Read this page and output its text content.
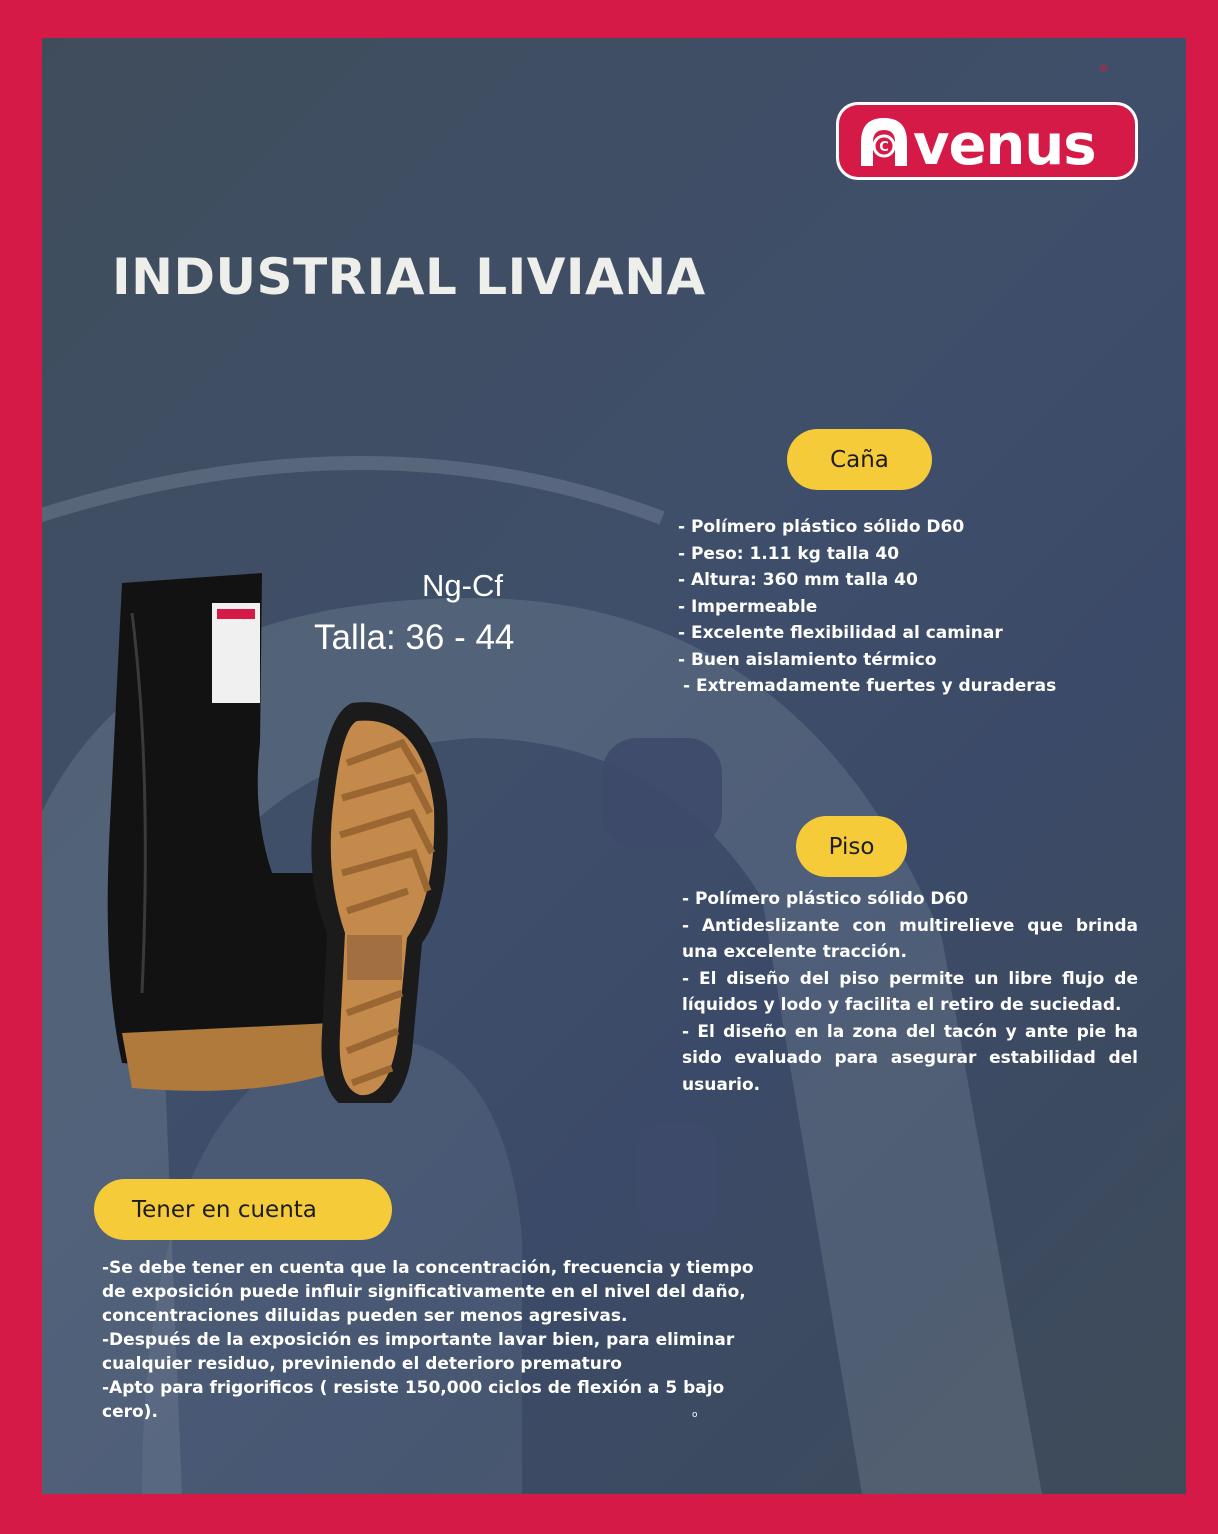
Ng-Cf
Talla: 36 - 44
C venus
INDUSTRIAL LIVIANA
Caña
- Polímero plástico sólido D60
- Peso: 1.11 kg talla 40
- Altura: 360 mm talla 40
- Impermeable
- Excelente flexibilidad al caminar
- Buen aislamiento térmico
- Extremadamente fuertes y duraderas
Piso

- Polímero plástico sólido D60

- Antideslizante con multirelieve que brinda una excelente tracción.

- El diseño del piso permite un libre flujo de líquidos y lodo y facilita el retiro de suciedad.

- El diseño en la zona del tacón y ante pie ha sido evaluado para asegurar estabilidad del usuario.

Tener en cuenta

-Se debe tener en cuenta que la concentración, frecuencia y tiempo de exposición puede influir significativamente en el nivel del daño, concentraciones diluidas pueden ser menos agresivas.

-Después de la exposición es importante lavar bien, para eliminar cualquier residuo, previniendo el deterioro prematuro

-Apto para frigorificos ( resiste 150,000 ciclos de flexión a 5 bajo cero).	o
®
